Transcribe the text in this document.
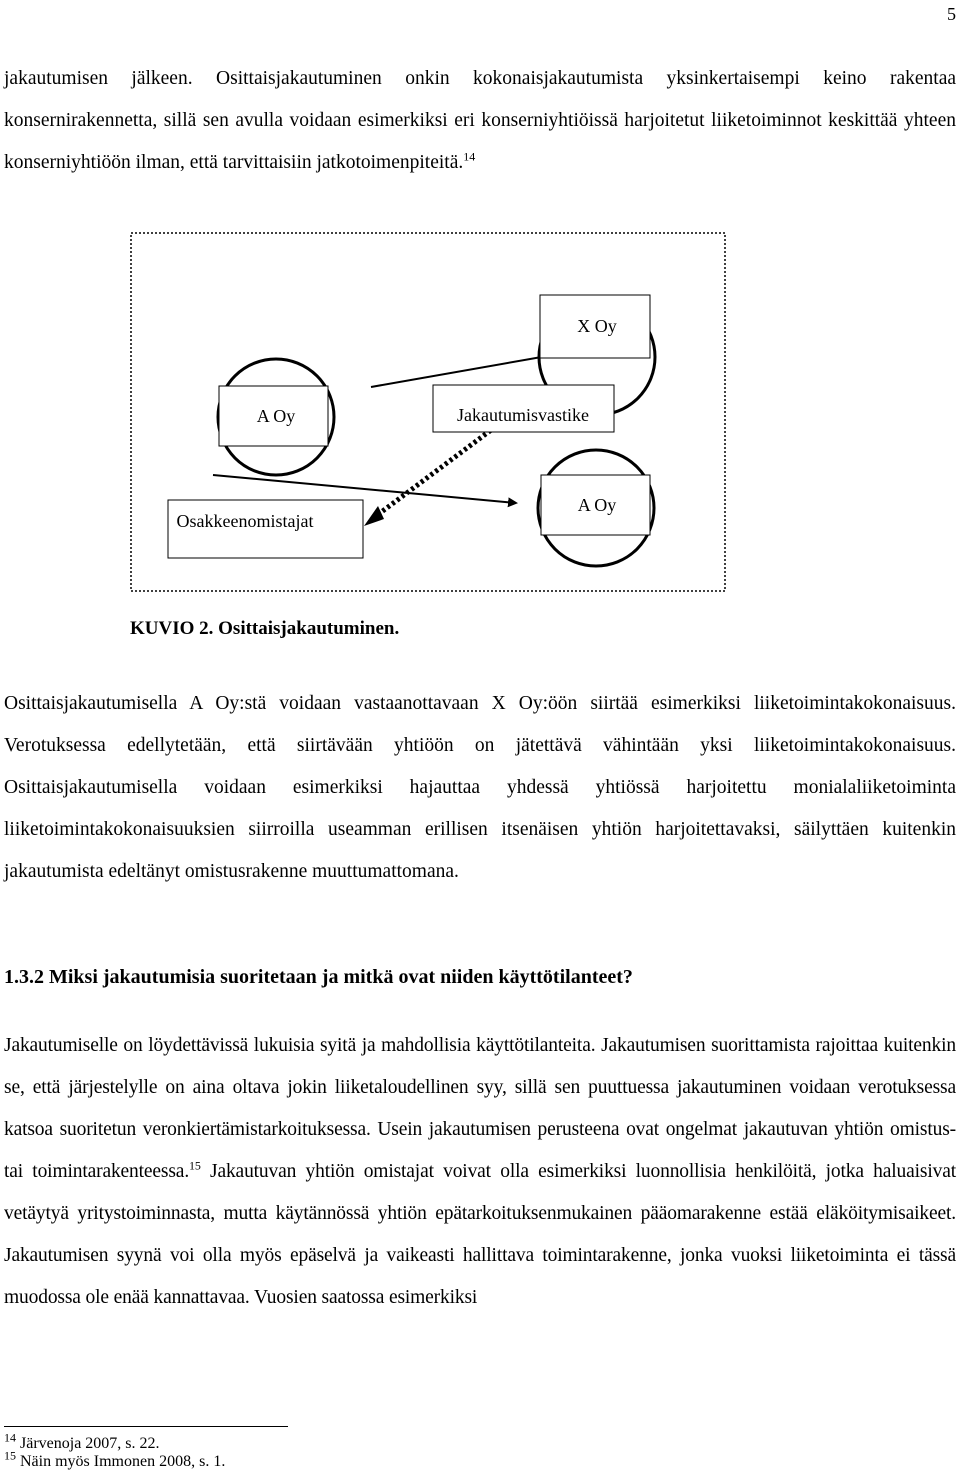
5

jakautumisen jälkeen. Osittaisjakautuminen onkin kokonaisjakautumista yksinkertaisempi keino rakentaa konsernirakennetta, sillä sen avulla voidaan esimerkiksi eri konserniyhtiöissä harjoitetut liiketoiminnot keskittää yhteen konserniyhtiöön ilman, että tarvittaisiin jatkotoimenpiteitä.$^{14}$

X Oy
A Oy	Jakautumisvastike
Osakkeenomistajat
A Oy
KUVIO 2. Osittaisjakautuminen.

Osittaisjakautumisella A Oy:stä voidaan vastaanottavaan X Oy:öön siirtää esimerkiksi liiketoimintakokonaisuus. Verotuksessa edellytetään, että siirtävään yhtiöön on jätettävä vähintään yksi liiketoimintakokonaisuus. Osittaisjakautumisella voidaan esimerkiksi hajauttaa yhdessä yhtiössä harjoitettu monialaliiketoiminta liiketoimintakokonaisuuksien siirroilla useamman erillisen itsenäisen yhtiön harjoitettavaksi, säilyttäen kuitenkin jakautumista edeltänyt omistusrakenne muuttumattomana.

1.3.2 Miksi jakautumisia suoritetaan ja mitkä ovat niiden käyttötilanteet?

Jakautumiselle on löydettävissä lukuisia syitä ja mahdollisia käyttötilanteita. Jakautumisen suorittamista rajoittaa kuitenkin se, että järjestelylle on aina oltava jokin liiketaloudellinen syy, sillä sen puuttuessa jakautuminen voidaan verotuksessa katsoa suoritetun veronkiertämistarkoituksessa. Usein jakautumisen perusteena ovat ongelmat jakautuvan yhtiön omistus- tai toimintarakenteessa.$^{15}$ Jakautuvan yhtiön omistajat voivat olla esimerkiksi luonnollisia henkilöitä, jotka haluaisivat vetäytyä yritystoiminnasta, mutta käytännössä yhtiön epätarkoituksenmukainen pääomarakenne estää eläköitymisaikeet. Jakautumisen syynä voi olla myös epäselvä ja vaikeasti hallittava toimintarakenne, jonka vuoksi liiketoiminta ei tässä muodossa ole enää kannattavaa. Vuosien saatossa esimerkiksi

$^{14}$ Järvenoja 2007, s. 22.
$^{15}$ Näin myös Immonen 2008, s. 1.
